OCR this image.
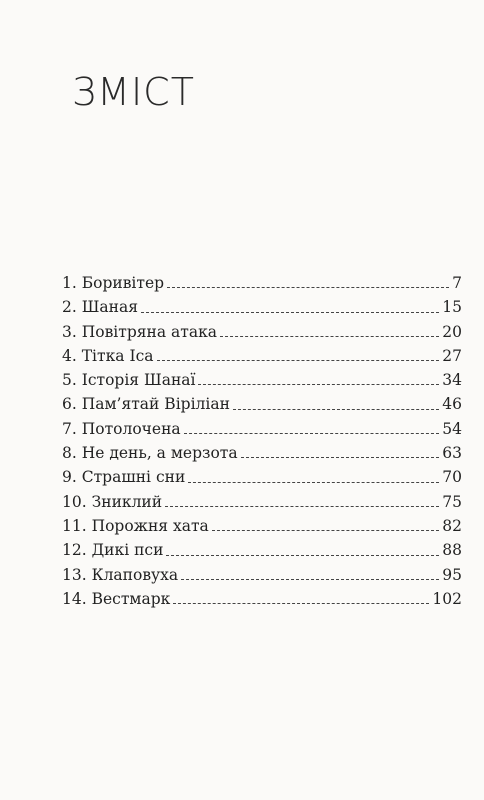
ЗМІСТ
1. Боривітер	7
2. Шаная	15
3. Повітряна атака	20
4. Тітка Іса	27
5. Історія Шанаї	34
6. Пам’ятай Віріліан	46
7. Потолочена	54
8. Не день, а мерзота	63
9. Страшні сни	70
10. Зниклий	75
11. Порожня хата	82
12. Дикі пси	88
13. Клаповуха	95
14. Вестмарк	102
